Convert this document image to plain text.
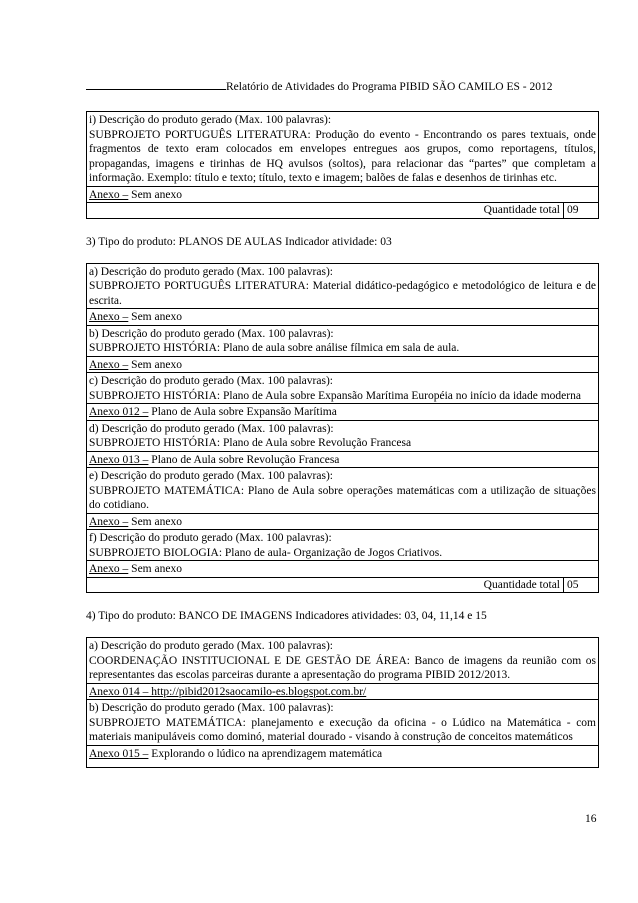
Relatório de Atividades do Programa PIBID SÃO CAMILO ES - 2012
i) Descrição do produto gerado (Max. 100 palavras):
SUBPROJETO PORTUGUÊS LITERATURA: Produção do evento - Encontrando os pares textuais, onde fragmentos de texto eram colocados em envelopes entregues aos grupos, como reportagens, títulos, propagandas, imagens e tirinhas de HQ avulsos (soltos), para relacionar das “partes” que completam a informação. Exemplo: título e texto; título, texto e imagem; balões de falas e desenhos de tirinhas etc.

Anexo – Sem anexo

Quantidade total 09
3) Tipo do produto: PLANOS DE AULAS Indicador atividade: 03
a) Descrição do produto gerado (Max. 100 palavras):
SUBPROJETO PORTUGUÊS LITERATURA: Material didático-pedagógico e metodológico de leitura e de escrita.

Anexo – Sem anexo

b) Descrição do produto gerado (Max. 100 palavras):
SUBPROJETO HISTÓRIA: Plano de aula sobre análise fílmica em sala de aula.

Anexo – Sem anexo

c) Descrição do produto gerado (Max. 100 palavras):
SUBPROJETO HISTÓRIA: Plano de Aula sobre Expansão Marítima Européia no início da idade moderna

Anexo 012 – Plano de Aula sobre Expansão Marítima

d) Descrição do produto gerado (Max. 100 palavras):
SUBPROJETO HISTÓRIA: Plano de Aula sobre Revolução Francesa

Anexo 013 – Plano de Aula sobre Revolução Francesa

e) Descrição do produto gerado (Max. 100 palavras):
SUBPROJETO MATEMÁTICA: Plano de Aula sobre operações matemáticas com a utilização de situações do cotidiano.

Anexo – Sem anexo

f) Descrição do produto gerado (Max. 100 palavras):
SUBPROJETO BIOLOGIA: Plano de aula- Organização de Jogos Criativos.

Anexo – Sem anexo

Quantidade total 05
4) Tipo do produto: BANCO DE IMAGENS Indicadores atividades: 03, 04, 11,14 e 15
a) Descrição do produto gerado (Max. 100 palavras):
COORDENAÇÃO INSTITUCIONAL E DE GESTÃO DE ÁREA: Banco de imagens da reunião com os representantes das escolas parceiras durante a apresentação do programa PIBID 2012/2013.

Anexo 014 – http://pibid2012saocamilo-es.blogspot.com.br/

b) Descrição do produto gerado (Max. 100 palavras):
SUBPROJETO MATEMÁTICA: planejamento e execução da oficina - o Lúdico na Matemática - com materiais manipuláveis como dominó, material dourado - visando à construção de conceitos matemáticos

Anexo 015 – Explorando o lúdico na aprendizagem matemática
16
